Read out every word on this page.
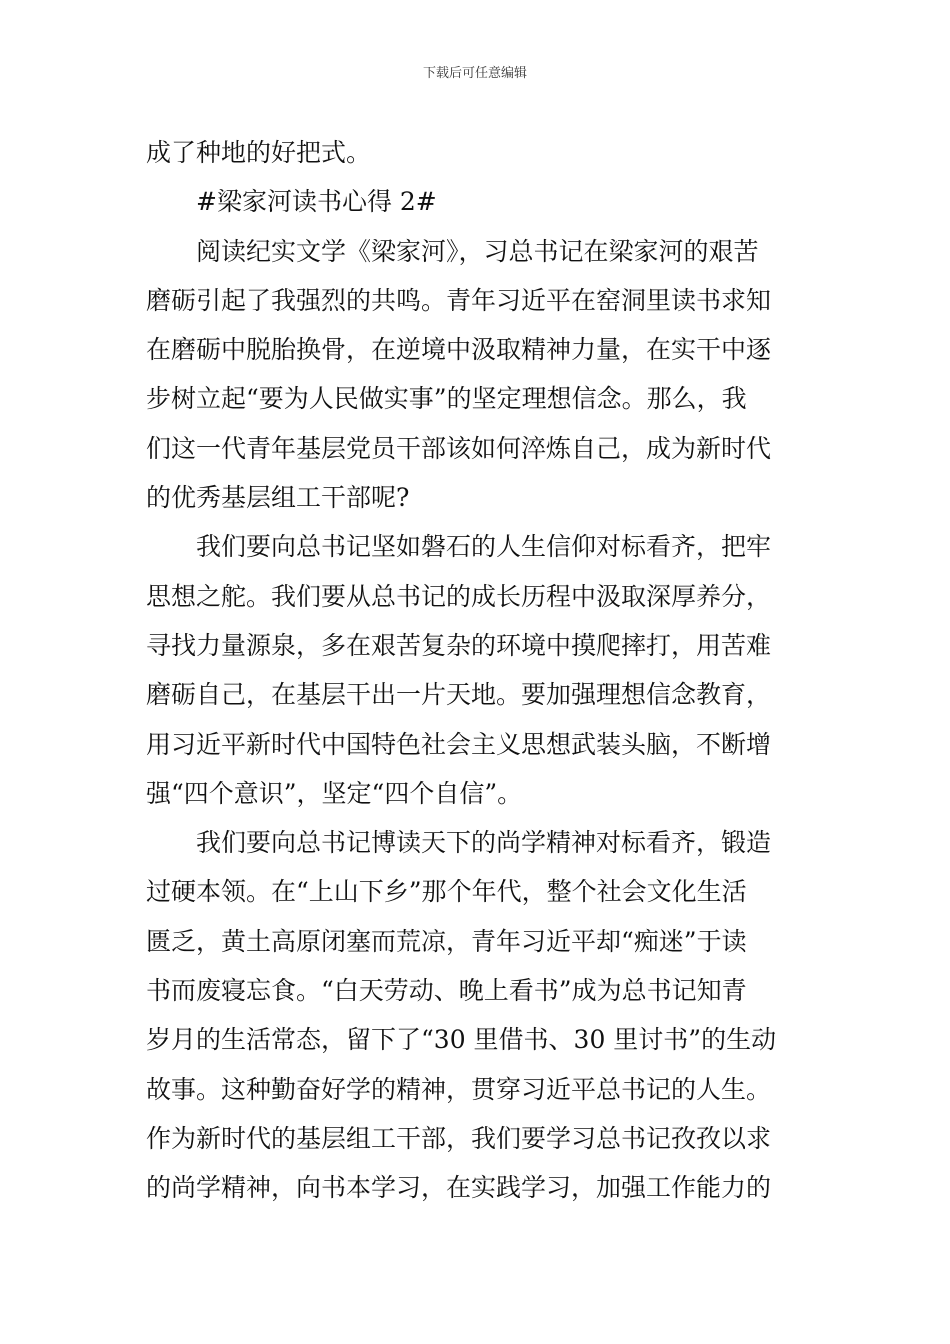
下载后可任意编辑
成了种地的好把式。
#梁家河读书心得 2#
阅读纪实文学《梁家河》，习总书记在梁家河的艰苦
磨砺引起了我强烈的共鸣。青年习近平在窑洞里读书求知
在磨砺中脱胎换骨，在逆境中汲取精神力量，在实干中逐
步树立起“要为人民做实事”的坚定理想信念。那么，我
们这一代青年基层党员干部该如何淬炼自己，成为新时代
的优秀基层组工干部呢?
我们要向总书记坚如磐石的人生信仰对标看齐，把牢
思想之舵。我们要从总书记的成长历程中汲取深厚养分，
寻找力量源泉，多在艰苦复杂的环境中摸爬摔打，用苦难
磨砺自己，在基层干出一片天地。要加强理想信念教育，
用习近平新时代中国特色社会主义思想武装头脑，不断增
强“四个意识”，坚定“四个自信”。
我们要向总书记博读天下的尚学精神对标看齐，锻造
过硬本领。在“上山下乡”那个年代，整个社会文化生活
匮乏，黄土高原闭塞而荒凉，青年习近平却“痴迷”于读
书而废寝忘食。“白天劳动、晚上看书”成为总书记知青
岁月的生活常态，留下了“30 里借书、30 里讨书”的生动
故事。这种勤奋好学的精神，贯穿习近平总书记的人生。
作为新时代的基层组工干部，我们要学习总书记孜孜以求
的尚学精神，向书本学习，在实践学习，加强工作能力的
